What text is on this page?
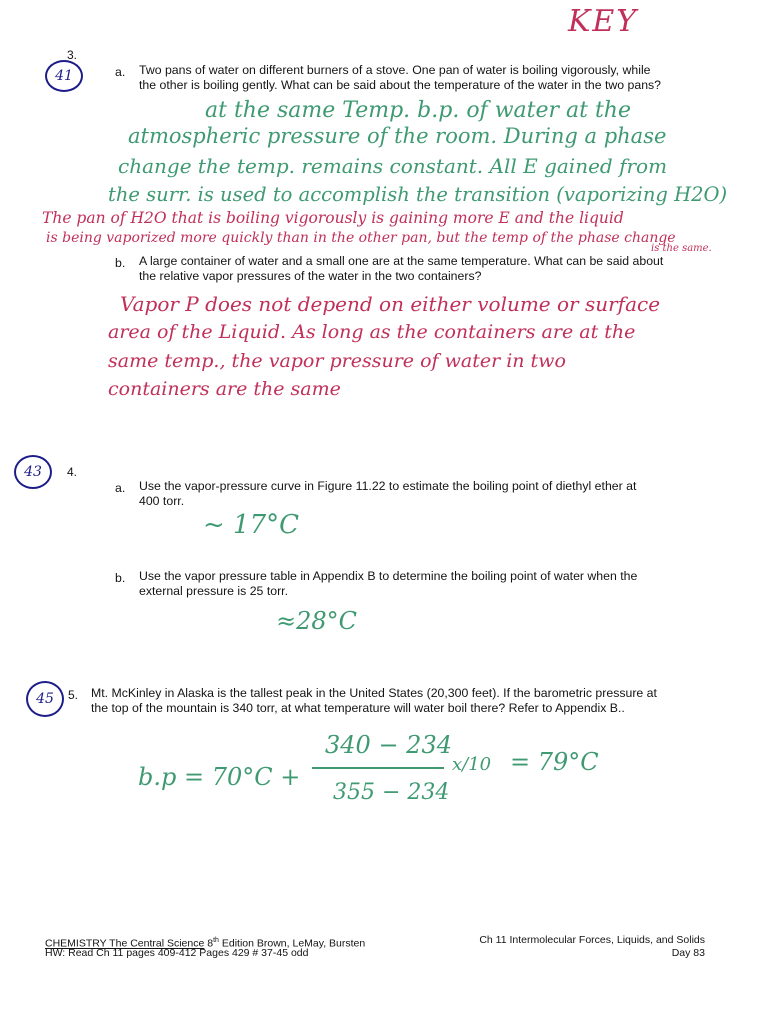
KEY
3.
41	a. Two pans of water on different burners of a stove. One pan of water is boiling vigorously, while
the other is boiling gently. What can be said about the temperature of the water in the two pans?
at the same Temp. b.p. of water at the
atmospheric pressure of the room. During a phase
change the temp. remains constant. All E gained from
the surr. is used to accomplish the transition (vaporizing H2O)
The pan of H2O that is boiling vigorously is gaining more E and the liquid
is being vaporized more quickly than in the other pan, but the temp of the phase change
is the same.
b. A large container of water and a small one are at the same temperature. What can be said about
the relative vapor pressures of the water in the two containers?
Vapor P does not depend on either volume or surface
area of the Liquid. As long as the containers are at the
same temp., the vapor pressure of water in two
containers are the same
43 4.
a. Use the vapor-pressure curve in Figure 11.22 to estimate the boiling point of diethyl ether at
400 torr.
~ 17°C
b. Use the vapor pressure table in Appendix B to determine the boiling point of water when the
external pressure is 25 torr.
≈28°C
45 5. Mt. McKinley in Alaska is the tallest peak in the United States (20,300 feet). If the barometric pressure at
the top of the mountain is 340 torr, at what temperature will water boil there? Refer to Appendix B..
b.p = 70°C +
340 − 234
355 − 234
x/10 = 79°C
CHEMISTRY The Central Science 8th Edition Brown, LeMay, Bursten
HW: Read Ch 11 pages 409-412 Pages 429 # 37-45 odd
Ch 11 Intermolecular Forces, Liquids, and Solids
Day 83
